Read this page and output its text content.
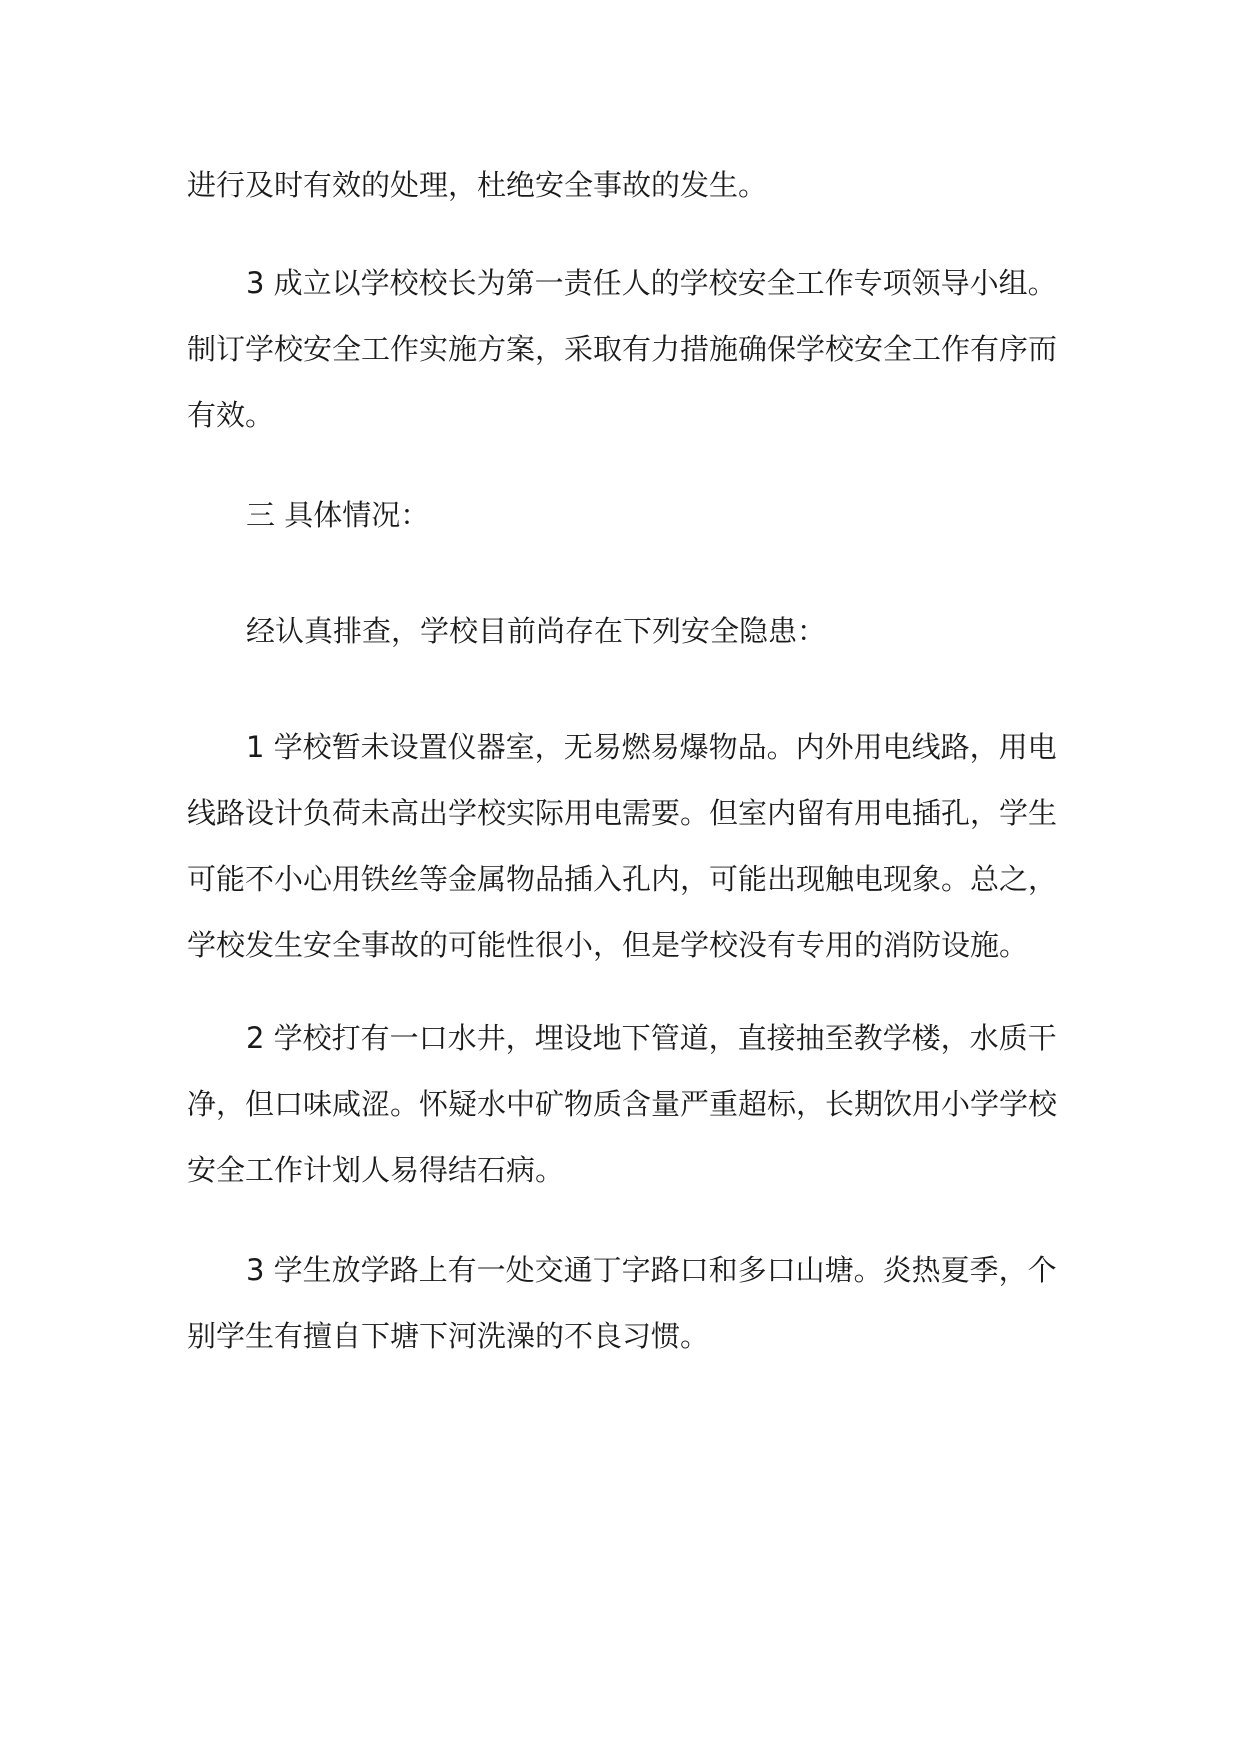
进行及时有效的处理，杜绝安全事故的发生。
3 成立以学校校长为第一责任人的学校安全工作专项领导小组。
制订学校安全工作实施方案，采取有力措施确保学校安全工作有序而
有效。
三 具体情况：
经认真排查，学校目前尚存在下列安全隐患：
1 学校暂未设置仪器室，无易燃易爆物品。内外用电线路，用电
线路设计负荷未高出学校实际用电需要。但室内留有用电插孔，学生
可能不小心用铁丝等金属物品插入孔内，可能出现触电现象。总之，
学校发生安全事故的可能性很小，但是学校没有专用的消防设施。
2 学校打有一口水井，埋设地下管道，直接抽至教学楼，水质干
净，但口味咸涩。怀疑水中矿物质含量严重超标，长期饮用小学学校
安全工作计划人易得结石病。
3 学生放学路上有一处交通丁字路口和多口山塘。炎热夏季，个
别学生有擅自下塘下河洗澡的不良习惯。
